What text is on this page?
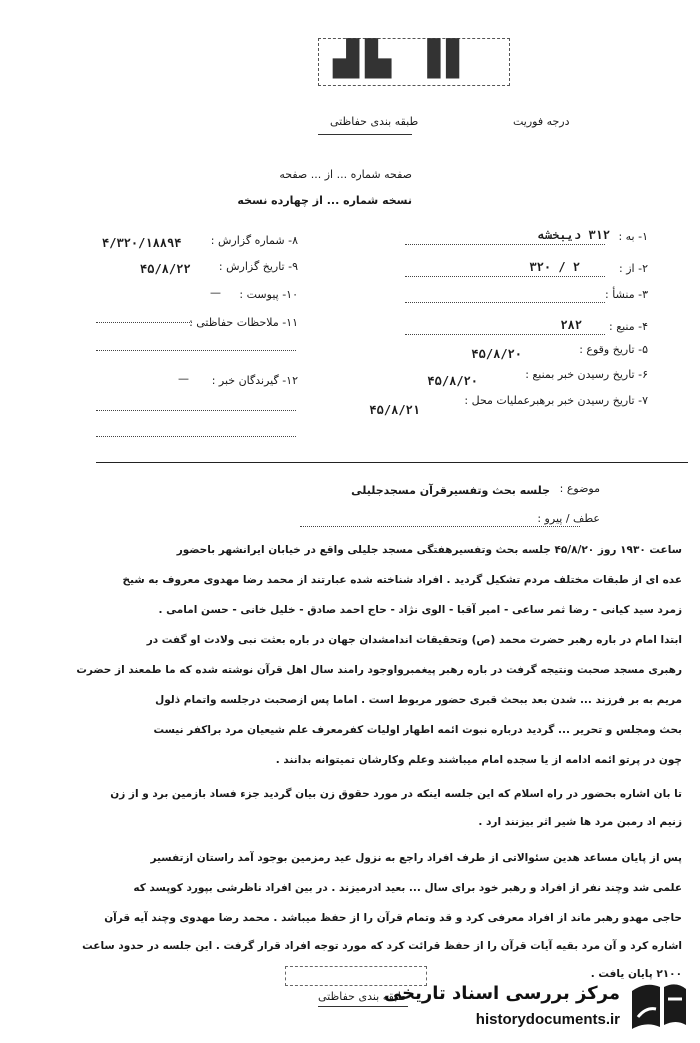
▟▙ ▐▌
درجه فوریت
طبقه بندی حفاظتی
صفحه شماره ... از ... صفحه
نسخه شماره ... از چهارده نسخه
۱- به :
۳۱۲ دیبخشه
۲- از :
۳۲۰ / ۲
۳- منشأ :
۴- منبع :
۲۸۲
۵- تاریخ وقوع :
۴۵/۸/۲۰
۶- تاریخ رسیدن خبر بمنبع :
۴۵/۸/۲۰
۷- تاریخ رسیدن خبر برهبرعملیات محل :
۴۵/۸/۲۱
۸- شماره گزارش :
۴/۳۲۰/۱۸۸۹۴
۹- تاریخ گزارش :
۴۵/۸/۲۲
۱۰- پیوست :
—
۱۱- ملاحظات حفاظتی :
۱۲- گیرندگان خبر :
—
موضوع :
جلسه بحث وتفسیرقرآن مسجدجلیلی
عطف / پیرو :
ساعت ۱۹۳۰ روز ۴۵/۸/۲۰ جلسه بحث وتفسیرهفتگی مسجد جلیلی واقع در خیابان ایرانشهر باحضور
عده ای از طبقات مختلف مردم تشکیل گردید . افراد شناخته شده عبارتند از محمد رضا مهدوی معروف به شیخ
زمرد سید کیانی - رضا ثمر ساعی - امیر آقبا - الوی نژاد - حاج احمد صادق - خلیل خانی - حسن امامی .
ابتدا امام در باره رهبر حضرت محمد (ص) وتحقیقات اندامشدان جهان در باره بعثت نبی ولادت او گفت در
رهبری مسجد صحبت ونتیجه گرفت در باره رهبر پیغمبرواوجود رامند سال اهل قرآن نوشته شده که ما طمعند از حضرت
مریم به بر فرزند ... شدن بعد ببحث قبری حضور مربوط است . اماما پس ازصحبت درجلسه واتمام ذلول
بحث ومجلس و تحریر ... گردید درباره نبوت ائمه اطهار اولیات کفرمعرف علم شیعیان مرد براکفر نیست
چون در پرتو ائمه ادامه از یا سجده امام میباشند وعلم وکارشان تمیتوانه بدانند .
تا بان اشاره بحضور در راه اسلام که این جلسه اینکه در مورد حقوق زن بیان گردید جزء فساد بازمین برد و از زن
زنیم اد رمبن مرد ها شیر اثر بیزنند ارد .
پس از پایان مساعد هدین سئوالاتی از طرف افراد راجع به نزول عید رمزمین بوجود آمد راستان ازتفسیر
علمی شد وچند نفر از افراد و رهبر خود برای سال ... بعید ادرمیزند . در بین افراد ناظرشی بپورد کوپسد که
حاجی مهدو رهبر ماند از افراد معرفی کرد و قد وتمام قرآن را از حفظ میباشد . محمد رضا مهدوی وچند آیه قرآن
اشاره کرد و آن مرد بقیه آیات قرآن را از حفظ قرائت کرد که مورد توجه افراد قرار گرفت . این جلسه در حدود ساعت
۲۱۰۰ پایان یافت .
طبقه بندی حفاظتی
مرکز بررسی اسناد تاریخی
historydocuments.ir
